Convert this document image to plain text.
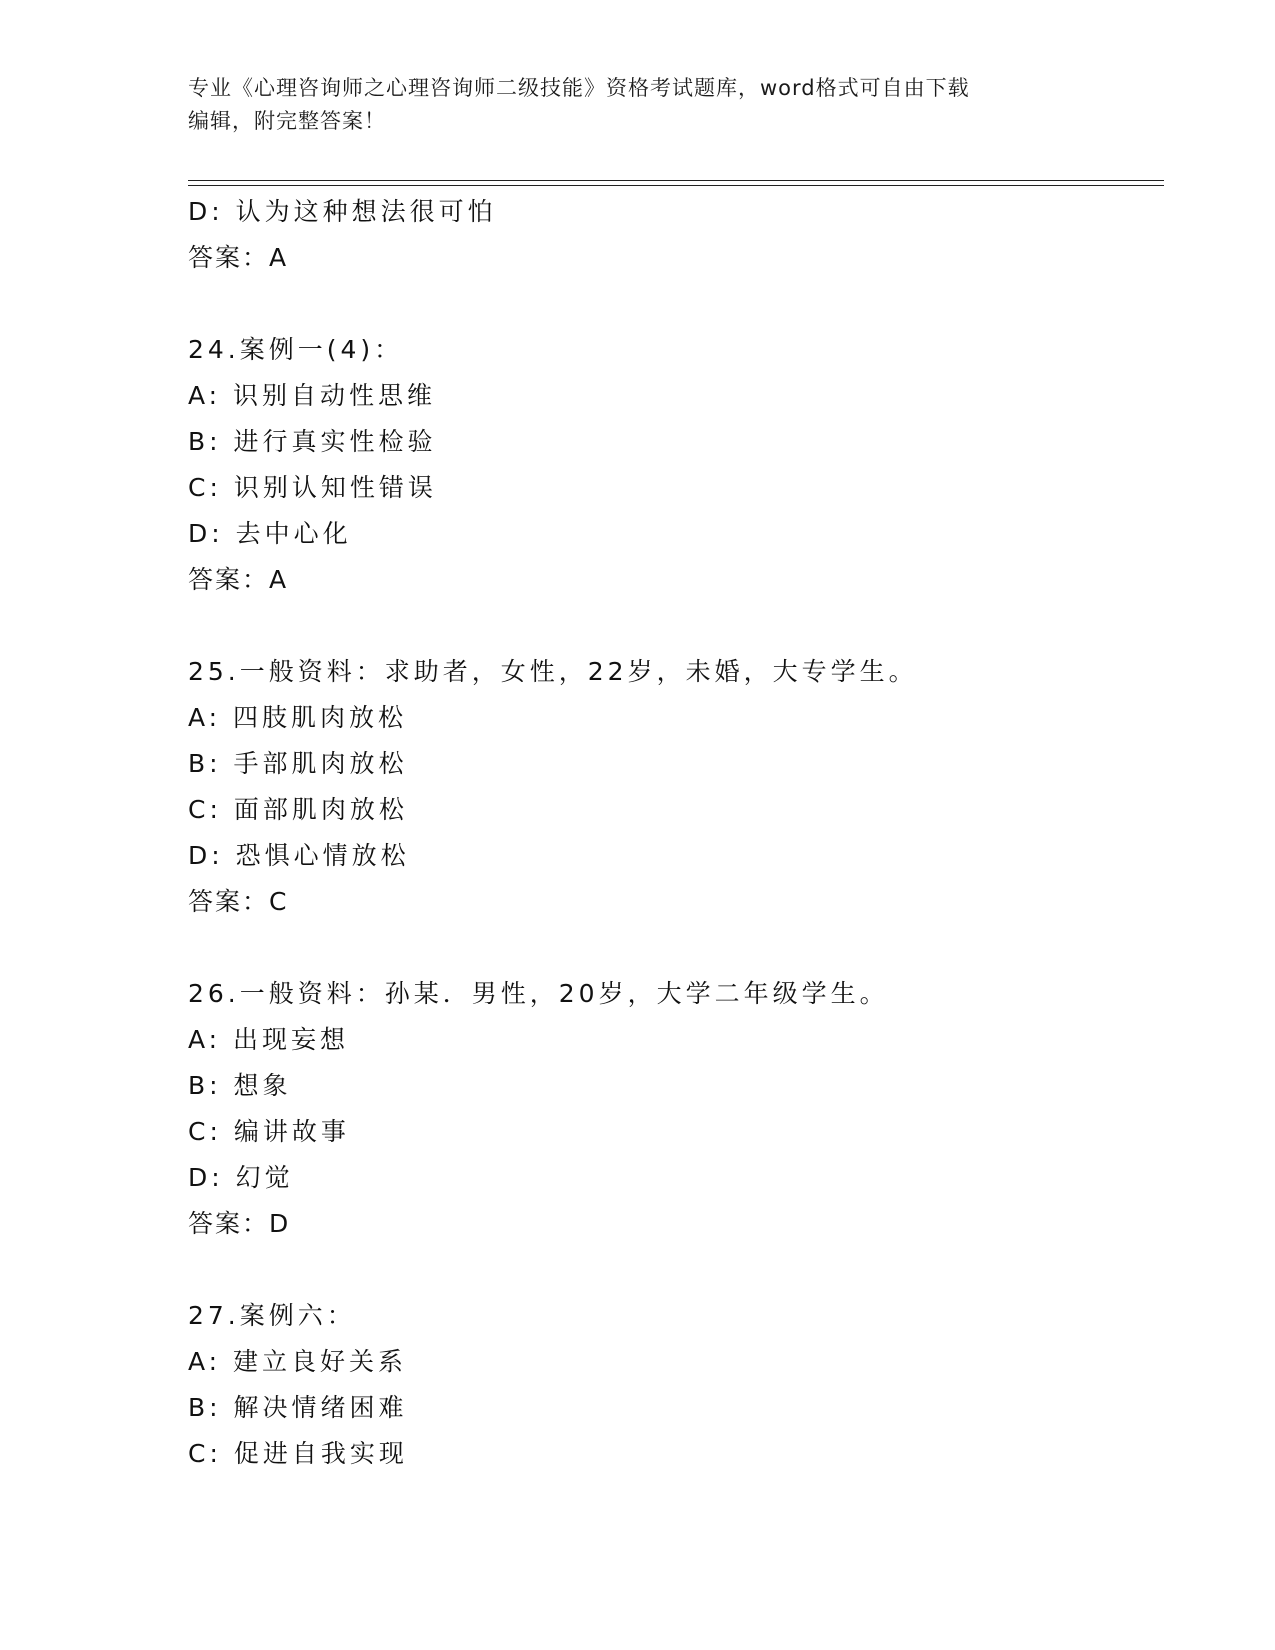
专业《心理咨询师之心理咨询师二级技能》资格考试题库，word格式可自由下载
编辑，附完整答案！
D: 认为这种想法很可怕
答案：A
24.案例一(4)：
A: 识别自动性思维
B: 进行真实性检验
C: 识别认知性错误
D: 去中心化
答案：A
25.一般资料：求助者，女性，22岁，未婚，大专学生。
A: 四肢肌肉放松
B: 手部肌肉放松
C: 面部肌肉放松
D: 恐惧心情放松
答案：C
26.一般资料：孙某．男性，20岁，大学二年级学生。
A: 出现妄想
B: 想象
C: 编讲故事
D: 幻觉
答案：D
27.案例六：
A: 建立良好关系
B: 解决情绪困难
C: 促进自我实现
